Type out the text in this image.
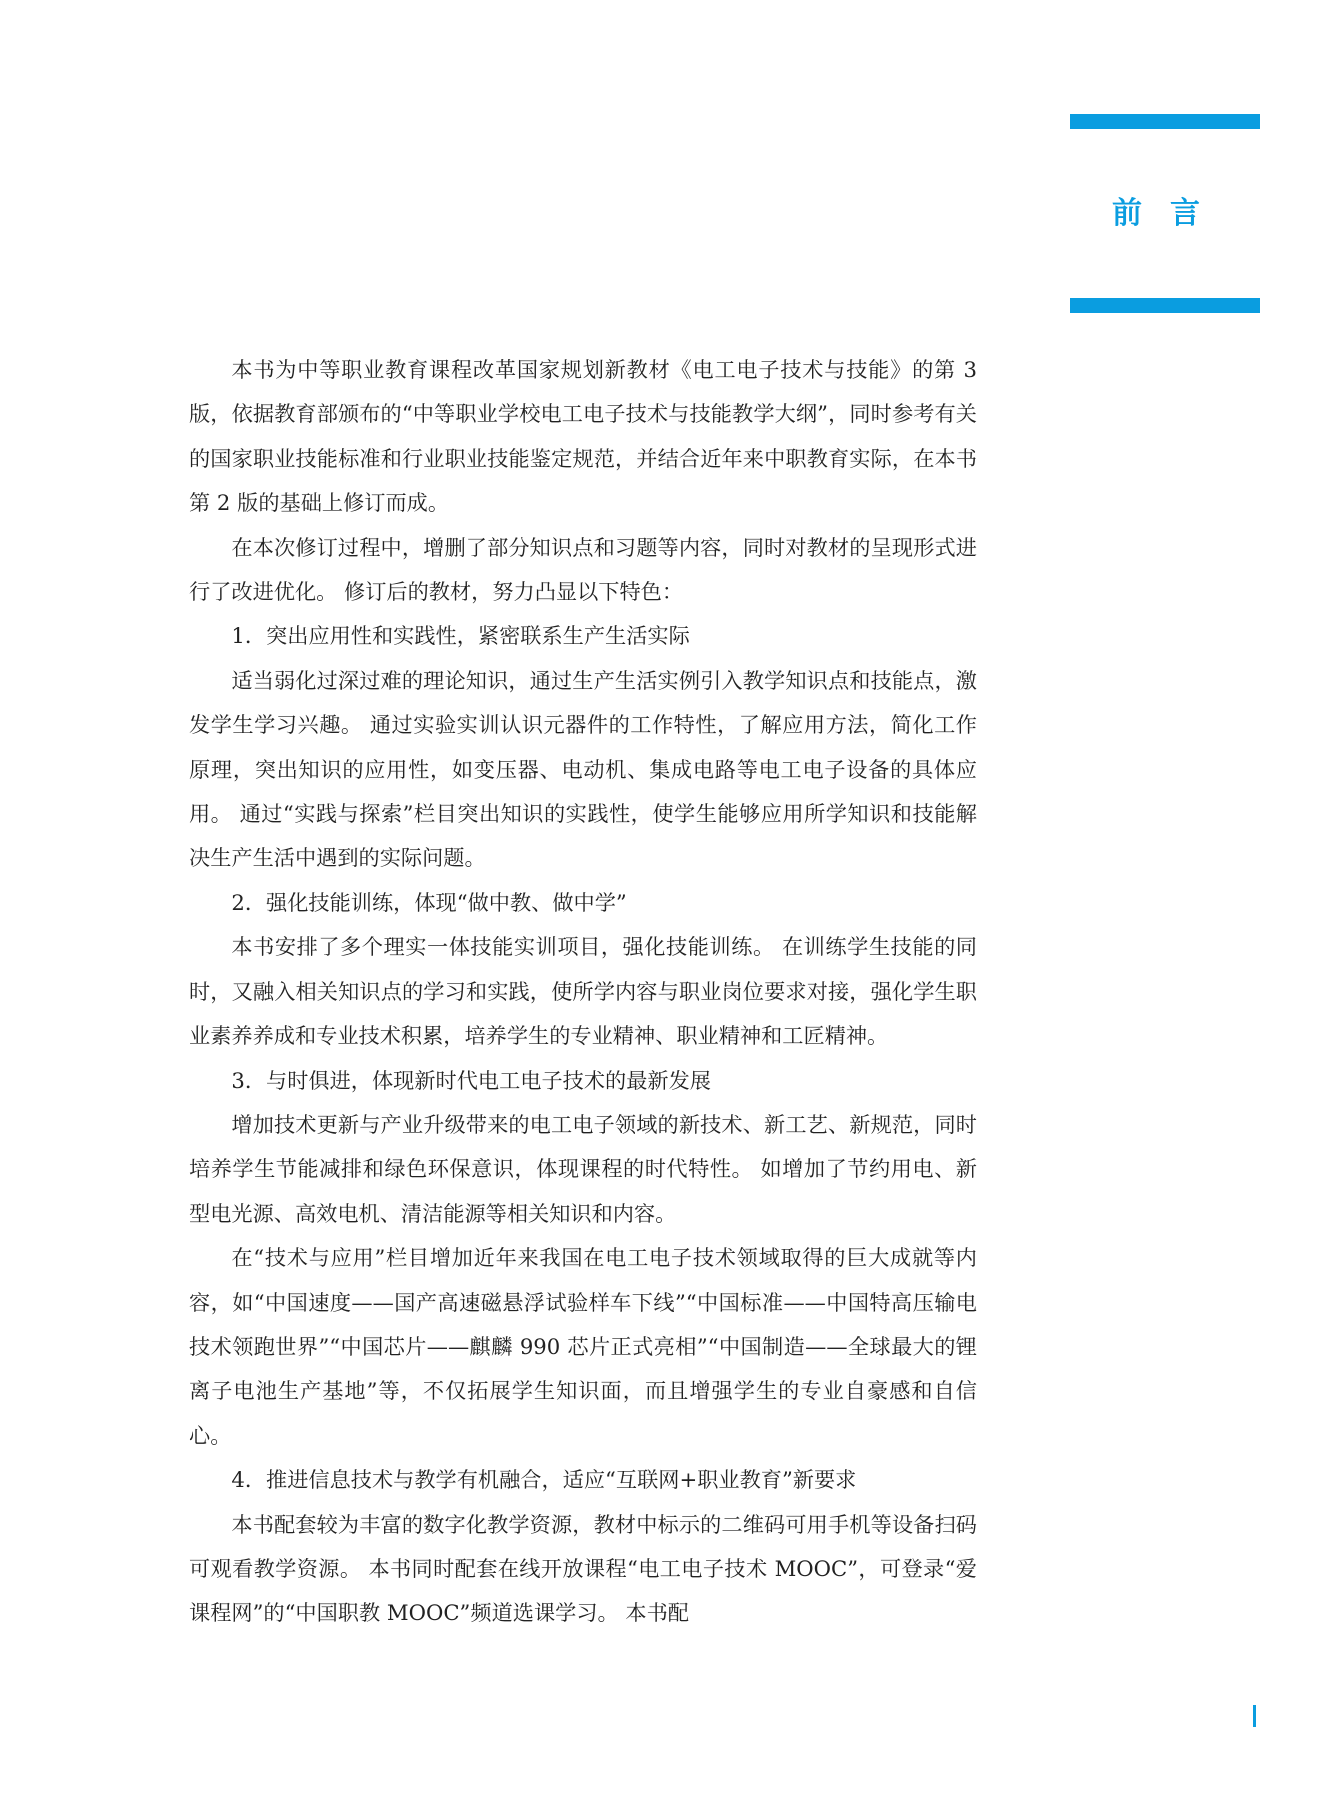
前言

本书为中等职业教育课程改革国家规划新教材《电工电子技术与技能》的第 3 版，依据教育部颁布的“中等职业学校电工电子技术与技能教学大纲”，同时参考有关的国家职业技能标准和行业职业技能鉴定规范，并结合近年来中职教育实际，在本书第 2 版的基础上修订而成。

在本次修订过程中，增删了部分知识点和习题等内容，同时对教材的呈现形式进行了改进优化。 修订后的教材，努力凸显以下特色：

1．突出应用性和实践性，紧密联系生产生活实际

适当弱化过深过难的理论知识，通过生产生活实例引入教学知识点和技能点，激发学生学习兴趣。 通过实验实训认识元器件的工作特性，了解应用方法，简化工作原理，突出知识的应用性，如变压器、电动机、集成电路等电工电子设备的具体应用。 通过“实践与探索”栏目突出知识的实践性，使学生能够应用所学知识和技能解决生产生活中遇到的实际问题。

2．强化技能训练，体现“做中教、做中学”

本书安排了多个理实一体技能实训项目，强化技能训练。 在训练学生技能的同时，又融入相关知识点的学习和实践，使所学内容与职业岗位要求对接，强化学生职业素养养成和专业技术积累，培养学生的专业精神、职业精神和工匠精神。

3．与时俱进，体现新时代电工电子技术的最新发展

增加技术更新与产业升级带来的电工电子领域的新技术、新工艺、新规范，同时培养学生节能减排和绿色环保意识，体现课程的时代特性。 如增加了节约用电、新型电光源、高效电机、清洁能源等相关知识和内容。

在“技术与应用”栏目增加近年来我国在电工电子技术领域取得的巨大成就等内容，如“中国速度——国产高速磁悬浮试验样车下线”“中国标准——中国特高压输电技术领跑世界”“中国芯片——麒麟 990 芯片正式亮相”“中国制造——全球最大的锂离子电池生产基地”等，不仅拓展学生知识面，而且增强学生的专业自豪感和自信心。

4．推进信息技术与教学有机融合，适应“互联网+职业教育”新要求

本书配套较为丰富的数字化教学资源，教材中标示的二维码可用手机等设备扫码可观看教学资源。 本书同时配套在线开放课程“电工电子技术 MOOC”，可登录“爱课程网”的“中国职教 MOOC”频道选课学习。 本书配
